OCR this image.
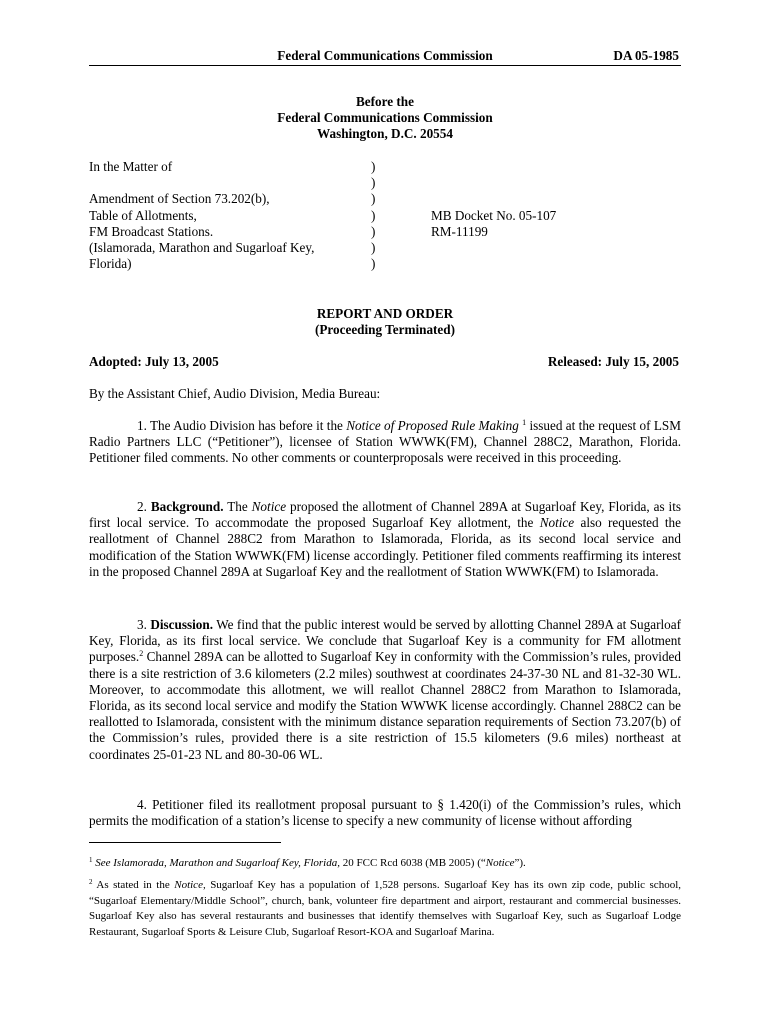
Federal Communications Commission	DA 05-1985
Before the
Federal Communications Commission
Washington, D.C. 20554
In the Matter of
Amendment of Section 73.202(b),
Table of Allotments,
FM Broadcast Stations.
(Islamorada, Marathon and Sugarloaf Key,
Florida)
)
)
)
)
)
)
)
MB Docket No. 05-107
RM-11199
REPORT AND ORDER
(Proceeding Terminated)
Adopted: July 13, 2005	Released: July 15, 2005
By the Assistant Chief, Audio Division, Media Bureau:
1. The Audio Division has before it the Notice of Proposed Rule Making $^1$ issued at the request of LSM Radio Partners LLC (“Petitioner”), licensee of Station WWWK(FM), Channel 288C2, Marathon, Florida. Petitioner filed comments. No other comments or counterproposals were received in this proceeding.
2. Background. The Notice proposed the allotment of Channel 289A at Sugarloaf Key, Florida, as its first local service. To accommodate the proposed Sugarloaf Key allotment, the Notice also requested the reallotment of Channel 288C2 from Marathon to Islamorada, Florida, as its second local service and modification of the Station WWWK(FM) license accordingly. Petitioner filed comments reaffirming its interest in the proposed Channel 289A at Sugarloaf Key and the reallotment of Station WWWK(FM) to Islamorada.
3. Discussion. We find that the public interest would be served by allotting Channel 289A at Sugarloaf Key, Florida, as its first local service. We conclude that Sugarloaf Key is a community for FM allotment purposes.$^2$ Channel 289A can be allotted to Sugarloaf Key in conformity with the Commission’s rules, provided there is a site restriction of 3.6 kilometers (2.2 miles) southwest at coordinates 24-37-30 NL and 81-32-30 WL. Moreover, to accommodate this allotment, we will reallot Channel 288C2 from Marathon to Islamorada, Florida, as its second local service and modify the Station WWWK license accordingly. Channel 288C2 can be reallotted to Islamorada, consistent with the minimum distance separation requirements of Section 73.207(b) of the Commission’s rules, provided there is a site restriction of 15.5 kilometers (9.6 miles) northeast at coordinates 25-01-23 NL and 80-30-06 WL.
4. Petitioner filed its reallotment proposal pursuant to § 1.420(i) of the Commission’s rules, which permits the modification of a station’s license to specify a new community of license without affording
$^1$ See Islamorada, Marathon and Sugarloaf Key, Florida, 20 FCC Rcd 6038 (MB 2005) (“Notice”).
$^2$ As stated in the Notice, Sugarloaf Key has a population of 1,528 persons. Sugarloaf Key has its own zip code, public school, “Sugarloaf Elementary/Middle School”, church, bank, volunteer fire department and airport, restaurant and commercial businesses. Sugarloaf Key also has several restaurants and businesses that identify themselves with Sugarloaf Key, such as Sugarloaf Lodge Restaurant, Sugarloaf Sports & Leisure Club, Sugarloaf Resort-KOA and Sugarloaf Marina.
